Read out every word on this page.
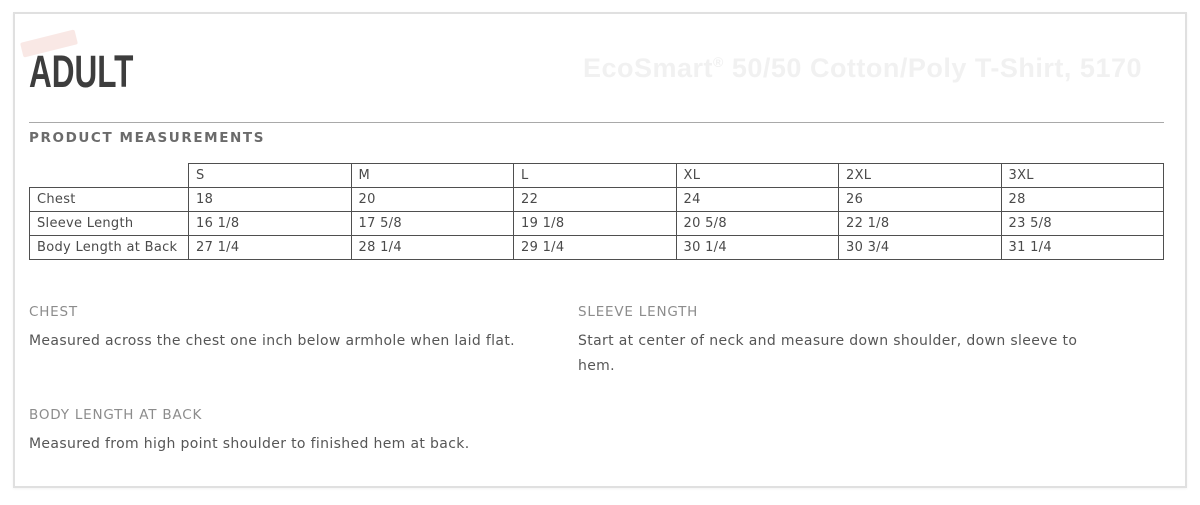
ADULT	EcoSmart® 50/50 Cotton/Poly T-Shirt, 5170
PRODUCT MEASUREMENTS
	S	M	L	XL	2XL	3XL
Chest	18	20	22	24	26	28
Sleeve Length	16 1/8	17 5/8	19 1/8	20 5/8	22 1/8	23 5/8
Body Length at Back	27 1/4	28 1/4	29 1/4	30 1/4	30 3/4	31 1/4
CHEST
Measured across the chest one inch below armhole when laid flat.
SLEEVE LENGTH
Start at center of neck and measure down shoulder, down sleeve to hem.
BODY LENGTH AT BACK
Measured from high point shoulder to finished hem at back.
